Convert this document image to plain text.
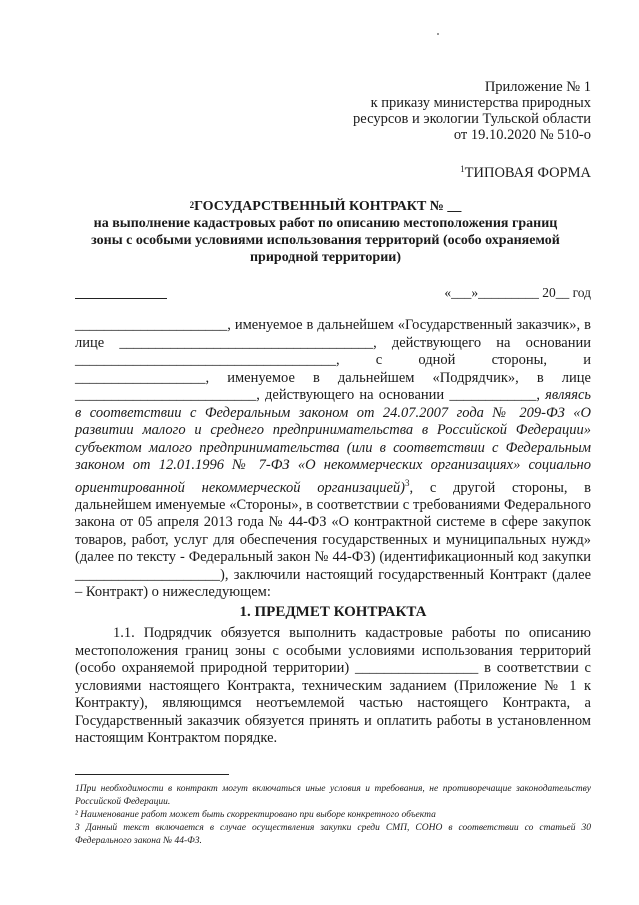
Приложение № 1
к приказу министерства природных
ресурсов и экологии Тульской области
от 19.10.2020 № 510-о
$^1$ТИПОВАЯ ФОРМА
$^2$ГОСУДАРСТВЕННЫЙ КОНТРАКТ № __
на выполнение кадастровых работ по описанию местоположения границ
зоны с особыми условиями использования территорий (особо охраняемой
природной территории)
«___»_________ 20__ год

_____________________, именуемое в дальнейшем «Государственный заказчик», в лице ___________________________________, действующего на основании ____________________________________, с одной стороны, и __________________, именуемое в дальнейшем «Подрядчик», в лице _________________________, действующего на основании ____________, являясь в соответствии с Федеральным законом от 24.07.2007 года № 209-ФЗ «О развитии малого и среднего предпринимательства в Российской Федерации» субъектом малого предпринимательства (или в соответствии с Федеральным законом от 12.01.1996 № 7-ФЗ «О некоммерческих организациях» социально ориентированной некоммерческой организацией)$^3$, с другой стороны, в дальнейшем именуемые «Стороны», в соответствии с требованиями Федерального закона от 05 апреля 2013 года № 44-ФЗ «О контрактной системе в сфере закупок товаров, работ, услуг для обеспечения государственных и муниципальных нужд» (далее по тексту - Федеральный закон № 44-ФЗ) (идентификационный код закупки ____________________), заключили настоящий государственный Контракт (далее – Контракт) о нижеследующем:

1. ПРЕДМЕТ КОНТРАКТА

1.1. Подрядчик обязуется выполнить кадастровые работы по описанию местоположения границ зоны с особыми условиями использования территорий (особо охраняемой природной территории) _________________ в соответствии с условиями настоящего Контракта, техническим заданием (Приложение № 1 к Контракту), являющимся неотъемлемой частью настоящего Контракта, а Государственный заказчик обязуется принять и оплатить работы в установленном настоящим Контрактом порядке.

1При необходимости в контракт могут включаться иные условия и требования, не противоречащие законодательству Российской Федерации.

² Наименование работ может быть скорректировано при выборе конкретного объекта

3 Данный текст включается в случае осуществления закупки среди СМП, СОНО в соответствии со статьей 30 Федерального закона № 44-ФЗ.
